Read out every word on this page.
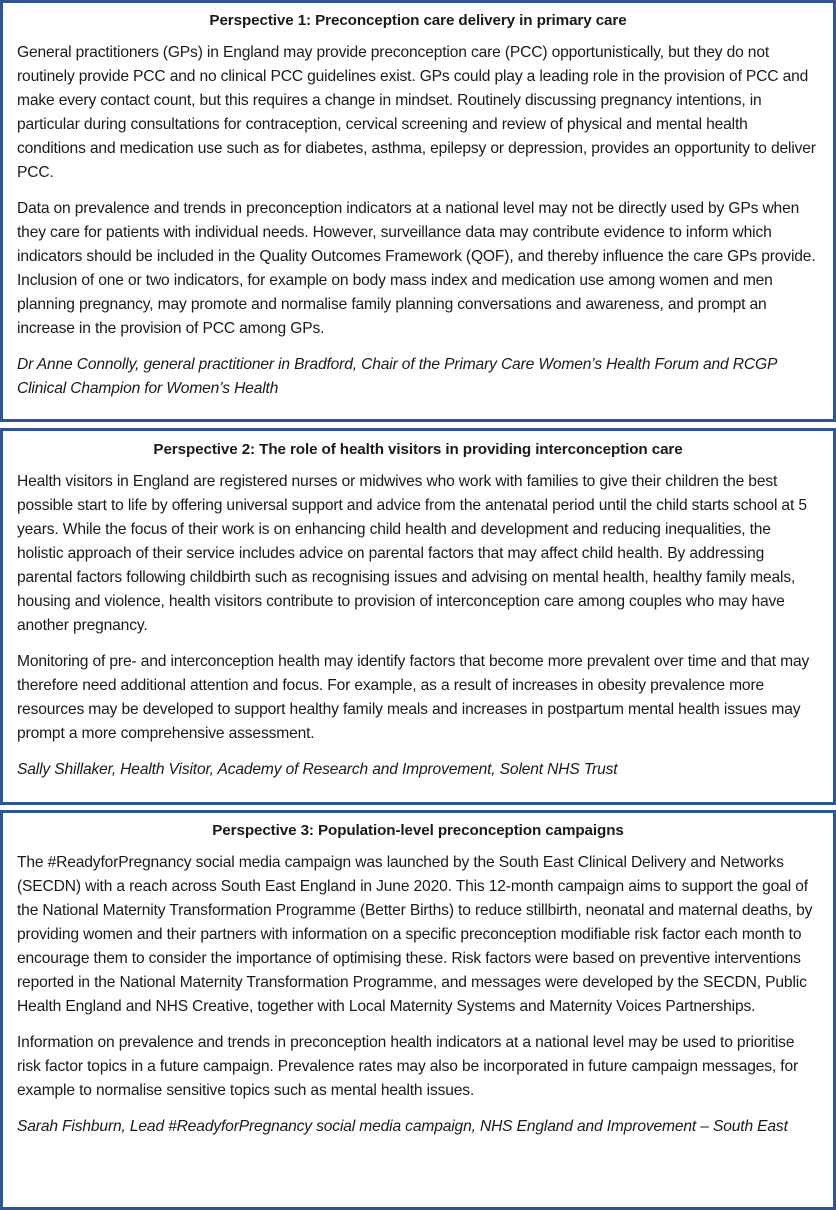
Perspective 1: Preconception care delivery in primary care

General practitioners (GPs) in England may provide preconception care (PCC) opportunistically, but they do not routinely provide PCC and no clinical PCC guidelines exist. GPs could play a leading role in the provision of PCC and make every contact count, but this requires a change in mindset. Routinely discussing pregnancy intentions, in particular during consultations for contraception, cervical screening and review of physical and mental health conditions and medication use such as for diabetes, asthma, epilepsy or depression, provides an opportunity to deliver PCC.

Data on prevalence and trends in preconception indicators at a national level may not be directly used by GPs when they care for patients with individual needs. However, surveillance data may contribute evidence to inform which indicators should be included in the Quality Outcomes Framework (QOF), and thereby influence the care GPs provide. Inclusion of one or two indicators, for example on body mass index and medication use among women and men planning pregnancy, may promote and normalise family planning conversations and awareness, and prompt an increase in the provision of PCC among GPs.

Dr Anne Connolly, general practitioner in Bradford, Chair of the Primary Care Women’s Health Forum and RCGP Clinical Champion for Women’s Health

Perspective 2: The role of health visitors in providing interconception care

Health visitors in England are registered nurses or midwives who work with families to give their children the best possible start to life by offering universal support and advice from the antenatal period until the child starts school at 5 years. While the focus of their work is on enhancing child health and development and reducing inequalities, the holistic approach of their service includes advice on parental factors that may affect child health. By addressing parental factors following childbirth such as recognising issues and advising on mental health, healthy family meals, housing and violence, health visitors contribute to provision of interconception care among couples who may have another pregnancy.

Monitoring of pre- and interconception health may identify factors that become more prevalent over time and that may therefore need additional attention and focus. For example, as a result of increases in obesity prevalence more resources may be developed to support healthy family meals and increases in postpartum mental health issues may prompt a more comprehensive assessment.

Sally Shillaker, Health Visitor, Academy of Research and Improvement, Solent NHS Trust

Perspective 3: Population-level preconception campaigns

The #ReadyforPregnancy social media campaign was launched by the South East Clinical Delivery and Networks (SECDN) with a reach across South East England in June 2020. This 12-month campaign aims to support the goal of the National Maternity Transformation Programme (Better Births) to reduce stillbirth, neonatal and maternal deaths, by providing women and their partners with information on a specific preconception modifiable risk factor each month to encourage them to consider the importance of optimising these. Risk factors were based on preventive interventions reported in the National Maternity Transformation Programme, and messages were developed by the SECDN, Public Health England and NHS Creative, together with Local Maternity Systems and Maternity Voices Partnerships.

Information on prevalence and trends in preconception health indicators at a national level may be used to prioritise risk factor topics in a future campaign. Prevalence rates may also be incorporated in future campaign messages, for example to normalise sensitive topics such as mental health issues.

Sarah Fishburn, Lead #ReadyforPregnancy social media campaign, NHS England and Improvement – South East
